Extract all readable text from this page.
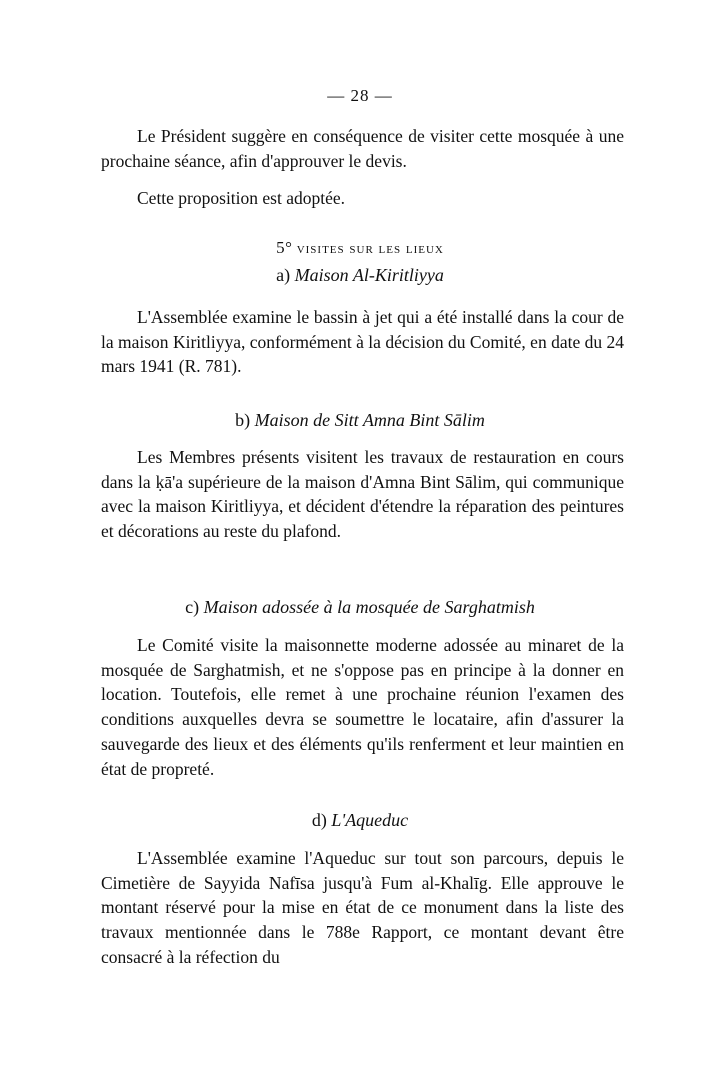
— 28 —

Le Président suggère en conséquence de visiter cette mosquée à une prochaine séance, afin d'approuver le devis.

Cette proposition est adoptée.

5° visites sur les lieux
a) Maison Al-Kiritliyya

L'Assemblée examine le bassin à jet qui a été installé dans la cour de la maison Kiritliyya, conformément à la décision du Comité, en date du 24 mars 1941 (R. 781).

b) Maison de Sitt Amna Bint Sālim

Les Membres présents visitent les travaux de restauration en cours dans la ḳā'a supérieure de la maison d'Amna Bint Sālim, qui communique avec la maison Kiritliyya, et décident d'étendre la réparation des peintures et décorations au reste du plafond.

c) Maison adossée à la mosquée de Sarghatmish

Le Comité visite la maisonnette moderne adossée au minaret de la mosquée de Sarghatmish, et ne s'oppose pas en principe à la donner en location. Toutefois, elle remet à une prochaine réunion l'examen des conditions auxquelles devra se soumettre le locataire, afin d'assurer la sauvegarde des lieux et des éléments qu'ils renferment et leur maintien en état de propreté.

d) L'Aqueduc

L'Assemblée examine l'Aqueduc sur tout son parcours, depuis le Cimetière de Sayyida Nafīsa jusqu'à Fum al-Khalīg. Elle approuve le montant réservé pour la mise en état de ce monument dans la liste des travaux mentionnée dans le 788e Rapport, ce montant devant être consacré à la réfection du
